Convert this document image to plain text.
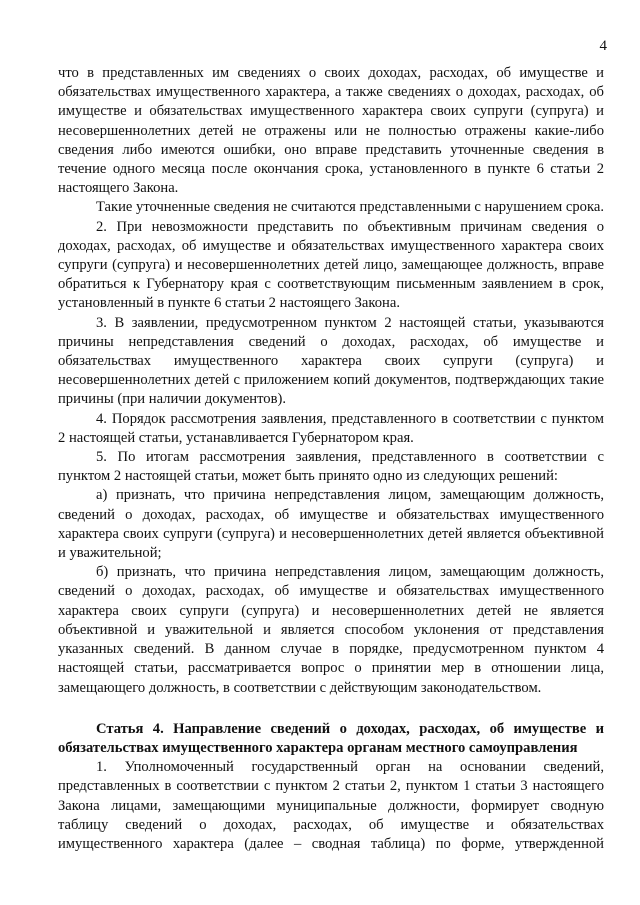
4

что в представленных им сведениях о своих доходах, расходах, об имуществе и обязательствах имущественного характера, а также сведениях о доходах, расходах, об имуществе и обязательствах имущественного характера своих супруги (супруга) и несовершеннолетних детей не отражены или не полностью отражены какие-либо сведения либо имеются ошибки, оно вправе представить уточненные сведения в течение одного месяца после окончания срока, установленного в пункте 6 статьи 2 настоящего Закона.

Такие уточненные сведения не считаются представленными с нарушением срока.

2. При невозможности представить по объективным причинам сведения о доходах, расходах, об имуществе и обязательствах имущественного характера своих супруги (супруга) и несовершеннолетних детей лицо, замещающее должность, вправе обратиться к Губернатору края с соответствующим письменным заявлением в срок, установленный в пункте 6 статьи 2 настоящего Закона.

3. В заявлении, предусмотренном пунктом 2 настоящей статьи, указываются причины непредставления сведений о доходах, расходах, об имуществе и обязательствах имущественного характера своих супруги (супруга) и несовершеннолетних детей с приложением копий документов, подтверждающих такие причины (при наличии документов).

4. Порядок рассмотрения заявления, представленного в соответствии с пунктом 2 настоящей статьи, устанавливается Губернатором края.

5. По итогам рассмотрения заявления, представленного в соответствии с пунктом 2 настоящей статьи, может быть принято одно из следующих решений:

а) признать, что причина непредставления лицом, замещающим должность, сведений о доходах, расходах, об имуществе и обязательствах имущественного характера своих супруги (супруга) и несовершеннолетних детей является объективной и уважительной;

б) признать, что причина непредставления лицом, замещающим должность, сведений о доходах, расходах, об имуществе и обязательствах имущественного характера своих супруги (супруга) и несовершеннолетних детей не является объективной и уважительной и является способом уклонения от представления указанных сведений. В данном случае в порядке, предусмотренном пунктом 4 настоящей статьи, рассматривается вопрос о принятии мер в отношении лица, замещающего должность, в соответствии с действующим законодательством.

Статья 4. Направление сведений о доходах, расходах, об имуществе и обязательствах имущественного характера органам местного самоуправления

1. Уполномоченный государственный орган на основании сведений, представленных в соответствии с пунктом 2 статьи 2, пунктом 1 статьи 3 настоящего Закона лицами, замещающими муниципальные должности, формирует сводную таблицу сведений о доходах, расходах, об имуществе и обязательствах имущественного характера (далее – сводная таблица) по форме, утвержденной
